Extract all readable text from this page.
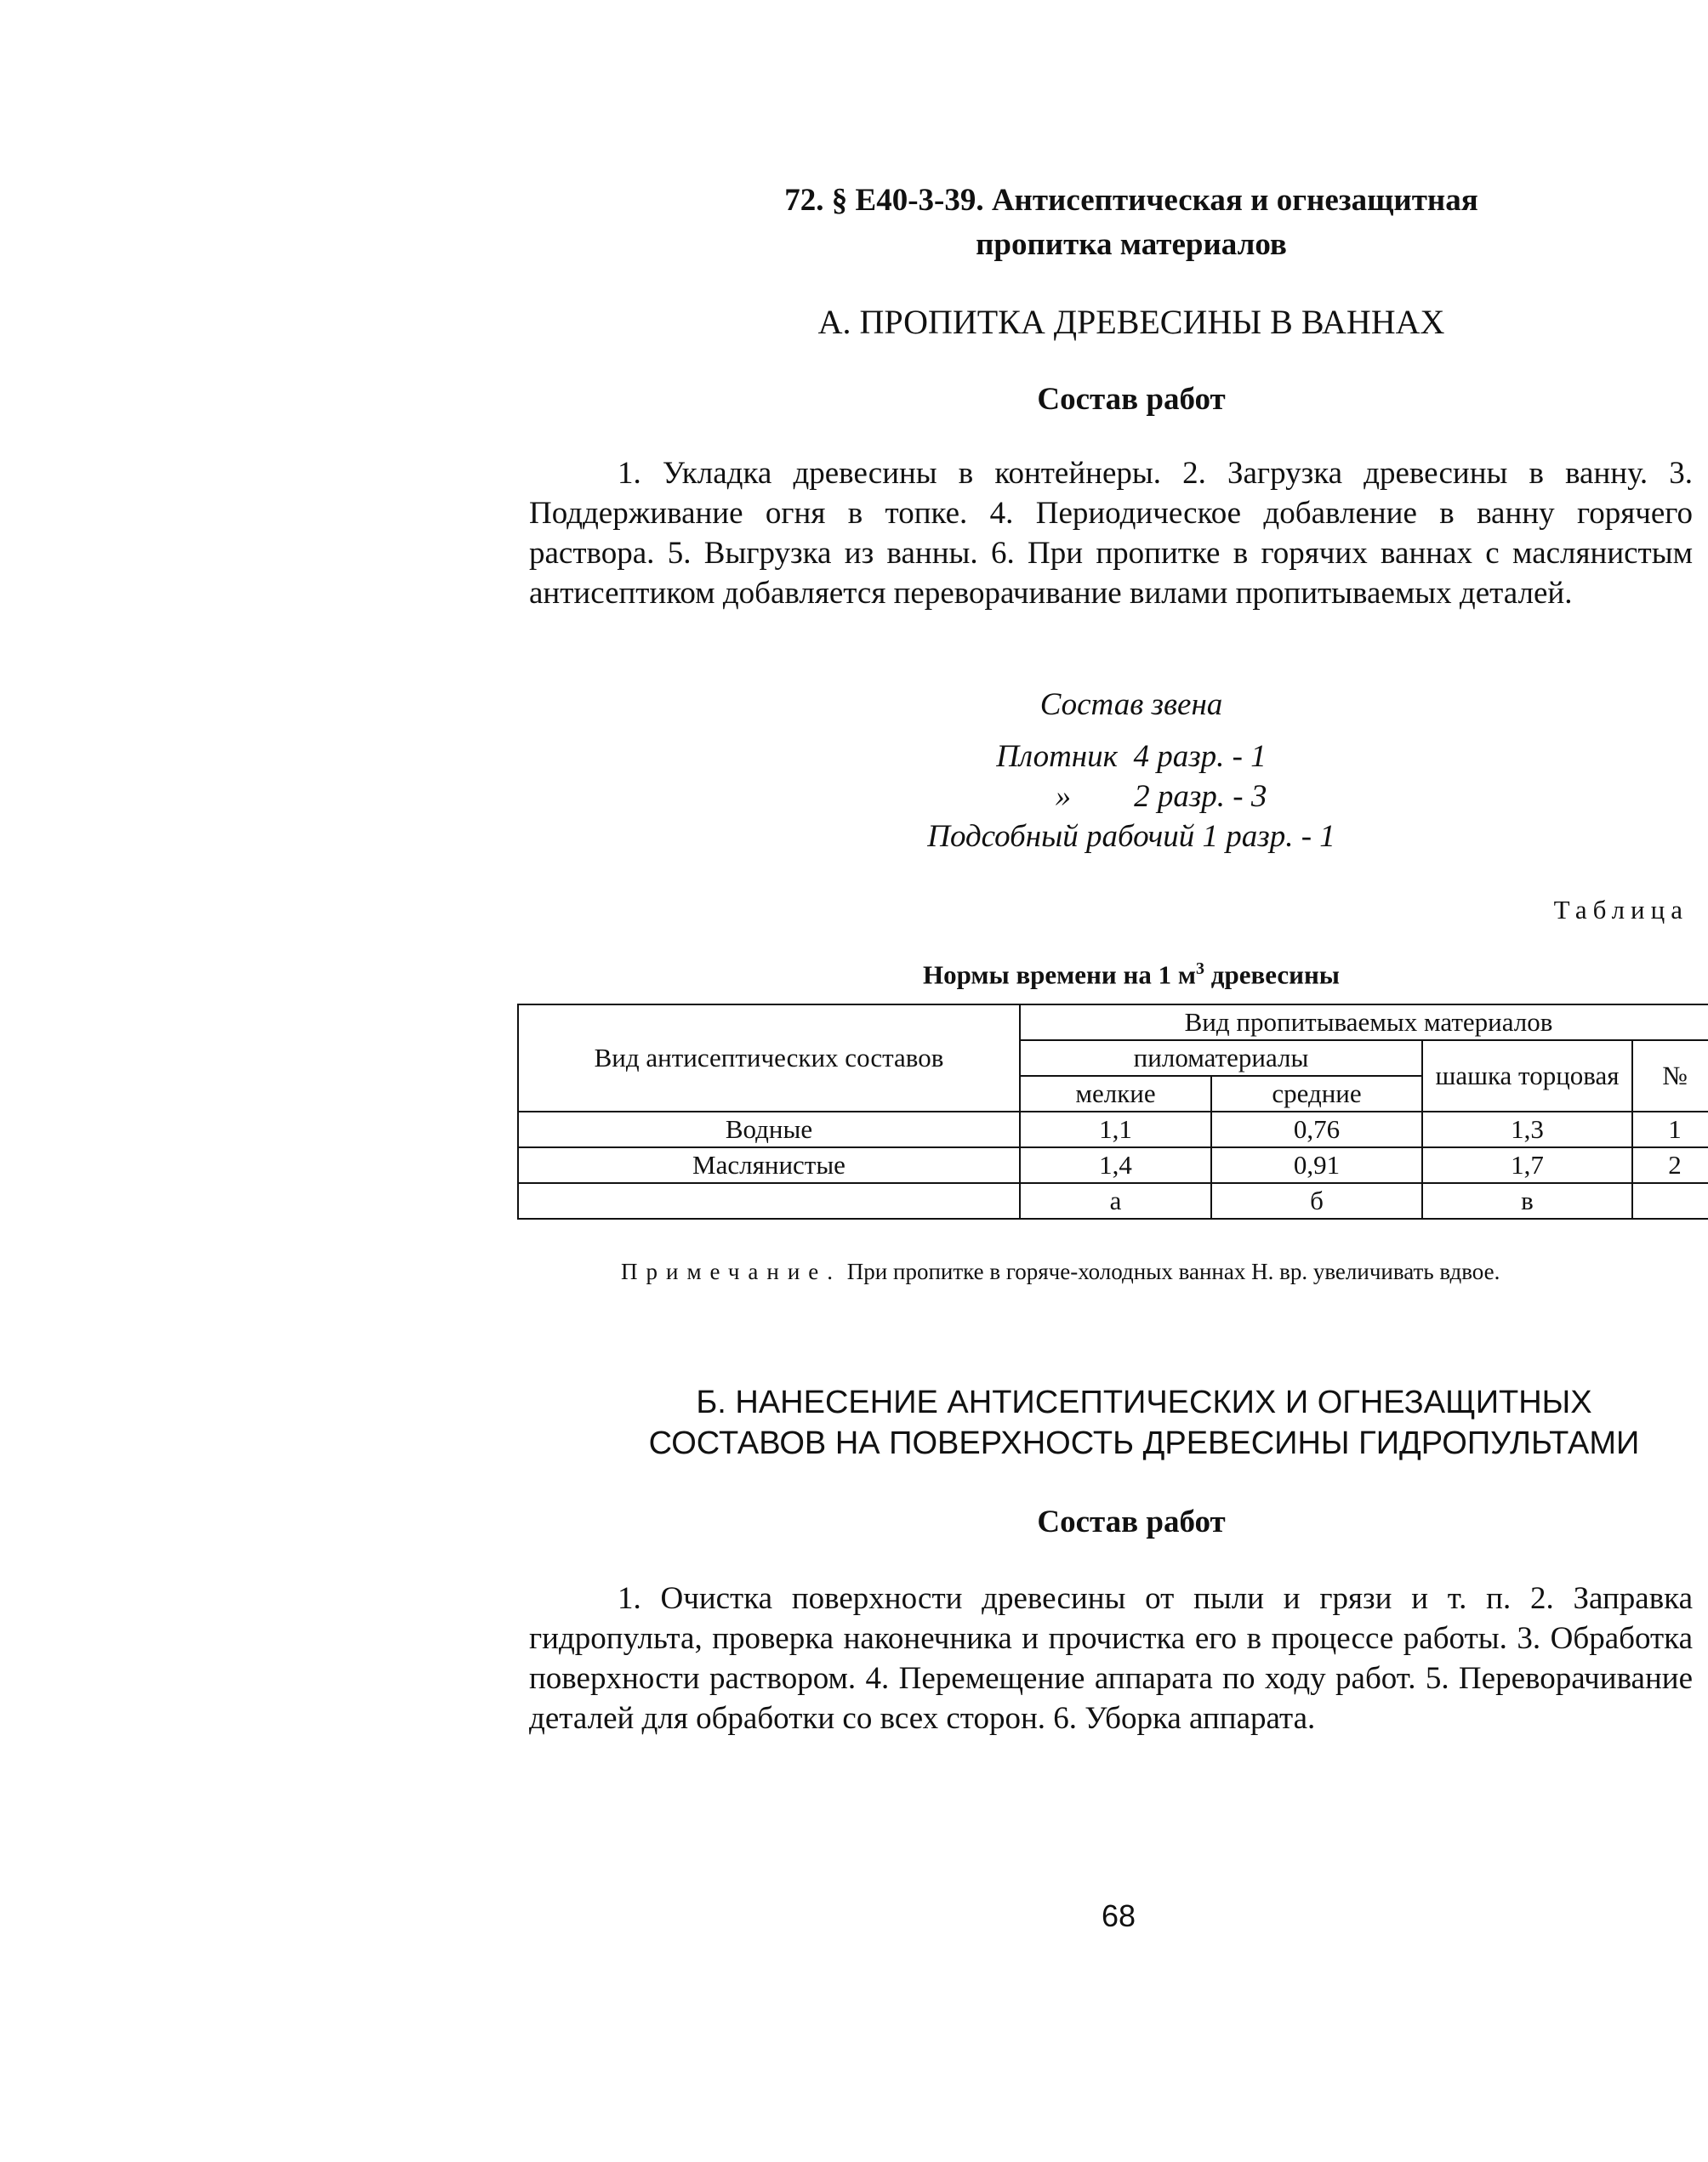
72. § Е40-3-39. Антисептическая и огнезащитная
пропитка материалов
А. ПРОПИТКА ДРЕВЕСИНЫ В ВАННАХ
Состав работ
1. Укладка древесины в контейнеры. 2. Загрузка древесины в ванну. 3. Поддерживание огня в топке. 4. Периодическое добавление в ванну горячего раствора. 5. Выгрузка из ванны. 6. При пропитке в горячих ваннах с маслянистым антисептиком добавляется переворачивание вилами пропитываемых деталей.
Состав звена
Плотник  4 разр. - 1
»        2 разр. - 3
Подсобный рабочий 1 разр. - 1
Таблица
Нормы времени на 1 $м^3$ древесины
Вид антисептических составов	Вид пропитываемых материалов			
	пиломатериалы		шашка торцовая	№
	мелкие	средние		
Водные	1,1	0,76	1,3	1
Маслянистые	1,4	0,91	1,7	2
	а	б	в	
Примечание. При пропитке в горяче-холодных ваннах Н. вр. увеличивать вдвое.
Б. НАНЕСЕНИЕ АНТИСЕПТИЧЕСКИХ И ОГНЕЗАЩИТНЫХ
СОСТАВОВ НА ПОВЕРХНОСТЬ ДРЕВЕСИНЫ ГИДРОПУЛЬТАМИ
Состав работ
1. Очистка поверхности древесины от пыли и грязи и т. п. 2. Заправка гидропульта, проверка наконечника и прочистка его в процессе работы. 3. Обработка поверхности раствором. 4. Перемещение аппарата по ходу работ. 5. Переворачивание деталей для обработки со всех сторон. 6. Уборка аппарата.
68
